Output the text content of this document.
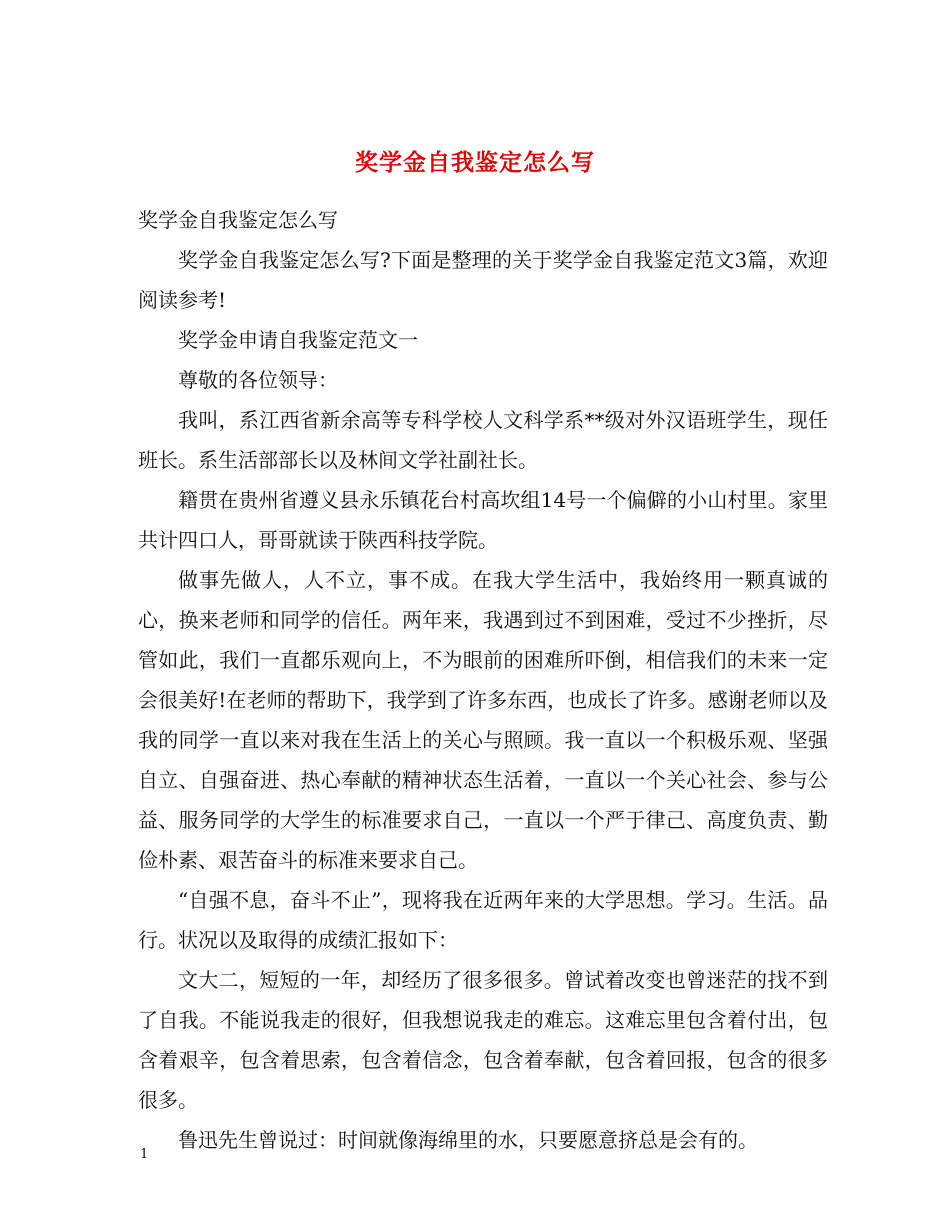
奖学金自我鉴定怎么写

奖学金自我鉴定怎么写

奖学金自我鉴定怎么写?下面是整理的关于奖学金自我鉴定范文3篇，欢迎阅读参考!

奖学金申请自我鉴定范文一

尊敬的各位领导：

我叫，系江西省新余高等专科学校人文科学系**级对外汉语班学生，现任班长。系生活部部长以及林间文学社副社长。

籍贯在贵州省遵义县永乐镇花台村高坎组14号一个偏僻的小山村里。家里共计四口人，哥哥就读于陕西科技学院。

做事先做人，人不立，事不成。在我大学生活中，我始终用一颗真诚的心，换来老师和同学的信任。两年来，我遇到过不到困难，受过不少挫折，尽管如此，我们一直都乐观向上，不为眼前的困难所吓倒，相信我们的未来一定会很美好!在老师的帮助下，我学到了许多东西，也成长了许多。感谢老师以及我的同学一直以来对我在生活上的关心与照顾。我一直以一个积极乐观、坚强自立、自强奋进、热心奉献的精神状态生活着，一直以一个关心社会、参与公益、服务同学的大学生的标准要求自己，一直以一个严于律己、高度负责、勤俭朴素、艰苦奋斗的标准来要求自己。

“自强不息，奋斗不止”，现将我在近两年来的大学思想。学习。生活。品行。状况以及取得的成绩汇报如下：

文大二，短短的一年，却经历了很多很多。曾试着改变也曾迷茫的找不到了自我。不能说我走的很好，但我想说我走的难忘。这难忘里包含着付出，包含着艰辛，包含着思索，包含着信念，包含着奉献，包含着回报，包含的很多很多。

鲁迅先生曾说过：时间就像海绵里的水，只要愿意挤总是会有的。

1
